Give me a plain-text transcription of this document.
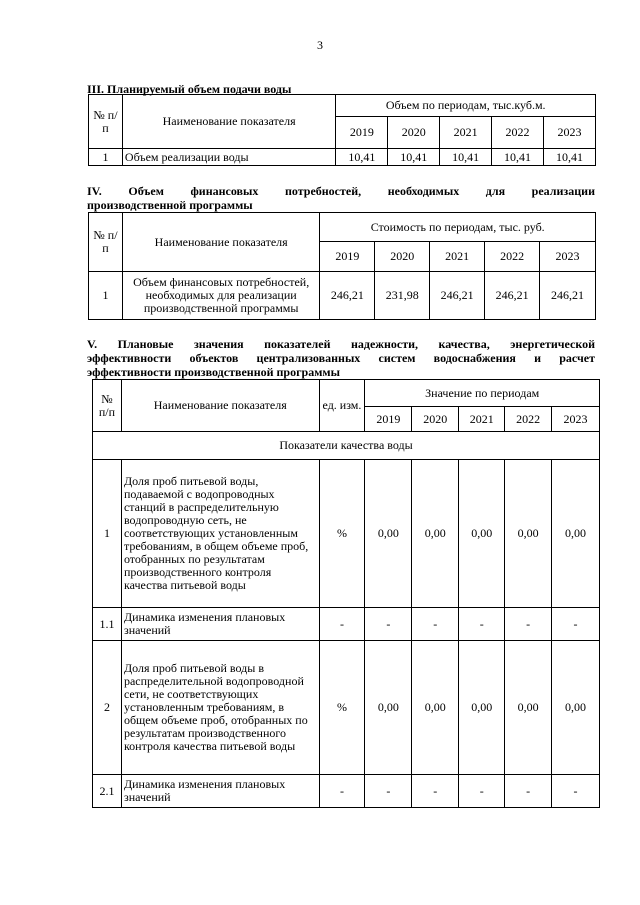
3
III. Планируемый объем подачи воды
№ п/п	Наименование показателя	Объем по периодам, тыс.куб.м.				
		2019	2020	2021	2022	2023
1	Объем реализации воды	10,41	10,41	10,41	10,41	10,41
IV. Объем финансовых потребностей, необходимых для реализации
производственной программы
№ п/п	Наименование показателя	Стоимость по периодам, тыс. руб.				
		2019	2020	2021	2022	2023
1	Объем финансовых потребностей, необходимых для реализации производственной программы	246,21	231,98	246,21	246,21	246,21
V. Плановые значения показателей надежности, качества, энергетической
эффективности объектов централизованных систем водоснабжения и расчет
эффективности производственной программы
№ п/п	Наименование показателя	ед. изм.	Значение по периодам				
			2019	2020	2021	2022	2023
Показатели качества воды							
1	Доля проб питьевой воды, подаваемой с водопроводных станций в распределительную водопроводную сеть, не соответствующих установленным требованиям, в общем объеме проб, отобранных по результатам производственного контроля качества питьевой воды	%	0,00	0,00	0,00	0,00	0,00
1.1	Динамика изменения плановых значений	-	-	-	-	-	-
2	Доля проб питьевой воды в распределительной водопроводной сети, не соответствующих установленным требованиям, в общем объеме проб, отобранных по результатам производственного контроля качества питьевой воды	%	0,00	0,00	0,00	0,00	0,00
2.1	Динамика изменения плановых значений	-	-	-	-	-	-
